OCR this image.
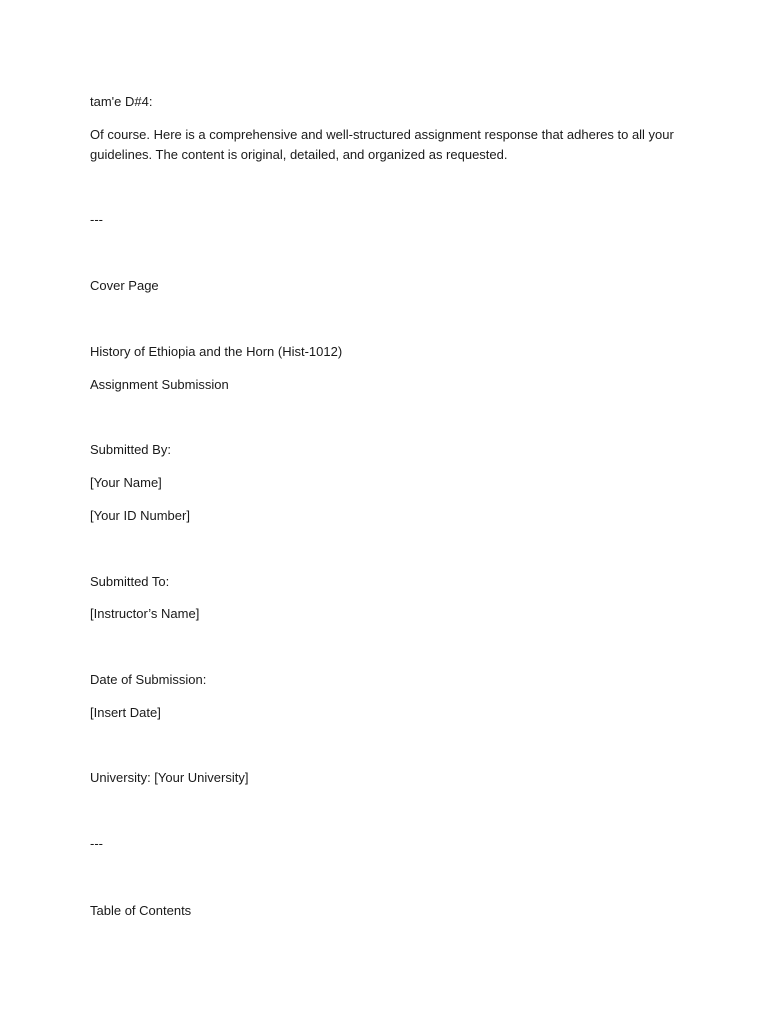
tam'e D#4:

Of course. Here is a comprehensive and well-structured assignment response that adheres to all your guidelines. The content is original, detailed, and organized as requested.

---

Cover Page

History of Ethiopia and the Horn (Hist-1012)

Assignment Submission

Submitted By:

[Your Name]

[Your ID Number]

Submitted To:

[Instructor’s Name]

Date of Submission:

[Insert Date]

University: [Your University]

---

Table of Contents
